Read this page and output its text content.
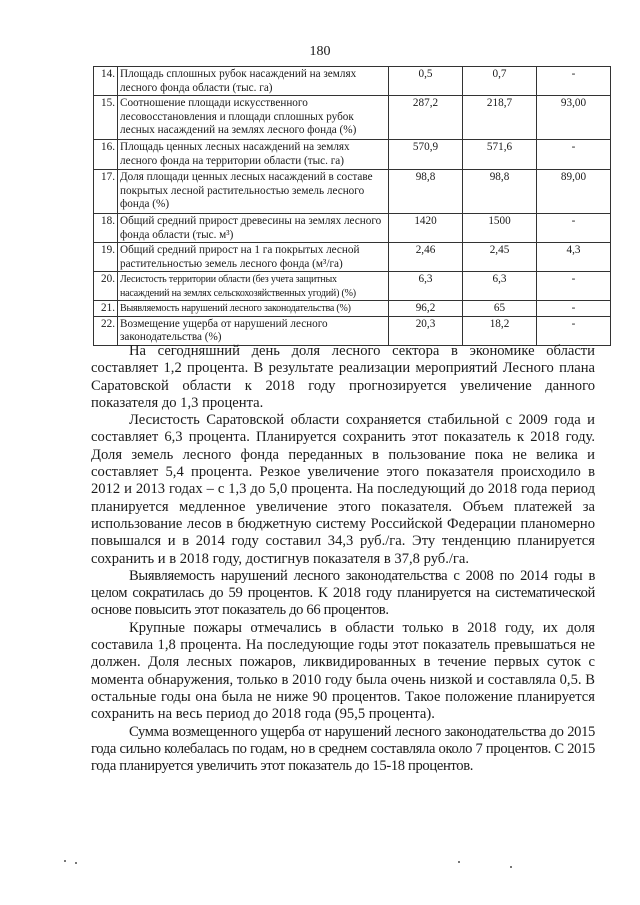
180
14.	Площадь сплошных рубок насаждений на землях лесного фонда области (тыс. га)	0,5	0,7	-
15.	Соотношение площади искусственного лесовосстановления и площади сплошных рубок лесных насаждений на землях лесного фонда (%)	287,2	218,7	93,00
16.	Площадь ценных лесных насаждений на землях лесного фонда на территории области (тыс. га)	570,9	571,6	-
17.	Доля площади ценных лесных насаждений в составе покрытых лесной растительностью земель лесного фонда (%)	98,8	98,8	89,00
18.	Общий средний прирост древесины на землях лесного фонда области (тыс. м³)	1420	1500	-
19.	Общий средний прирост на 1 га покрытых лесной растительностью земель лесного фонда (м³/га)	2,46	2,45	4,3
20.	Лесистость территории области (без учета защитных насаждений на землях сельскохозяйственных угодий) (%)	6,3	6,3	-
21.	Выявляемость нарушений лесного законодательства (%)	96,2	65	-
22.	Возмещение ущерба от нарушений лесного законодательства (%)	20,3	18,2	-

На сегодняшний день доля лесного сектора в экономике области составляет 1,2 процента. В результате реализации мероприятий Лесного плана Саратовской области к 2018 году прогнозируется увеличение данного показателя до 1,3 процента.

Лесистость Саратовской области сохраняется стабильной с 2009 года и составляет 6,3 процента. Планируется сохранить этот показатель к 2018 году. Доля земель лесного фонда переданных в пользование пока не велика и составляет 5,4 процента. Резкое увеличение этого показателя происходило в 2012 и 2013 годах – с 1,3 до 5,0 процента. На последующий до 2018 года период планируется медленное увеличение этого показателя. Объем платежей за использование лесов в бюджетную систему Российской Федерации планомерно повышался и в 2014 году составил 34,3 руб./га. Эту тенденцию планируется сохранить и в 2018 году, достигнув показателя в 37,8 руб./га.

Выявляемость нарушений лесного законодательства с 2008 по 2014 годы в целом сократилась до 59 процентов. К 2018 году планируется на систематической основе повысить этот показатель до 66 процентов.

Крупные пожары отмечались в области только в 2018 году, их доля составила 1,8 процента. На последующие годы этот показатель превышаться не должен. Доля лесных пожаров, ликвидированных в течение первых суток с момента обнаружения, только в 2010 году была очень низкой и составляла 0,5. В остальные годы она была не ниже 90 процентов. Такое положение планируется сохранить на весь период до 2018 года (95,5 процента).

Сумма возмещенного ущерба от нарушений лесного законодательства до 2015 года сильно колебалась по годам, но в среднем составляла около 7 процентов. С 2015 года планируется увеличить этот показатель до 15-18 процентов.
